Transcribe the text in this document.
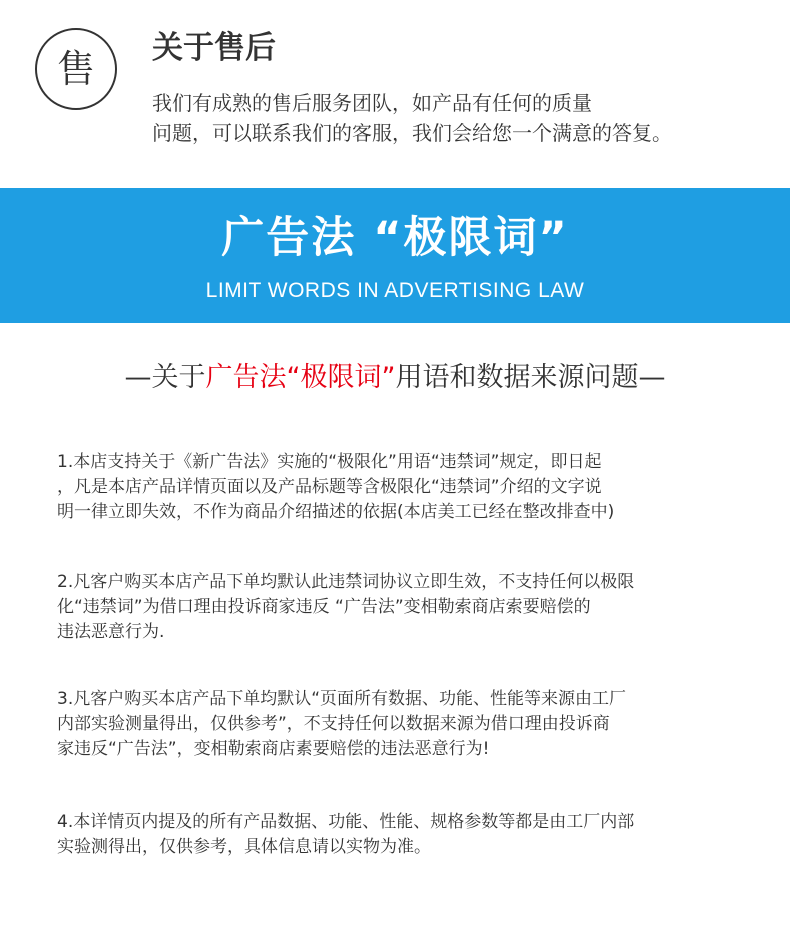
售	关于售后
我们有成熟的售后服务团队，如产品有任何的质量
问题，可以联系我们的客服，我们会给您一个满意的答复。
广告法 “极限词”
LIMIT WORDS IN ADVERTISING LAW
—关于广告法“极限词”用语和数据来源问题—
1.本店支持关于《新广告法》实施的“极限化”用语“违禁词”规定，即日起
，凡是本店产品详情页面以及产品标题等含极限化“违禁词”介绍的文字说
明一律立即失效，不作为商品介绍描述的依据(本店美工已经在整改排查中)
2.凡客户购买本店产品下单均默认此违禁词协议立即生效，不支持任何以极限
化“违禁词”为借口理由投诉商家违反 “广告法”变相勒索商店索要赔偿的
违法恶意行为.
3.凡客户购买本店产品下单均默认“页面所有数据、功能、性能等来源由工厂
内部实验测量得出，仅供参考”，不支持任何以数据来源为借口理由投诉商
家违反“广告法”，变相勒索商店素要赔偿的违法恶意行为!
4.本详情页内提及的所有产品数据、功能、性能、规格参数等都是由工厂内部
实验测得出，仅供参考，具体信息请以实物为准。
